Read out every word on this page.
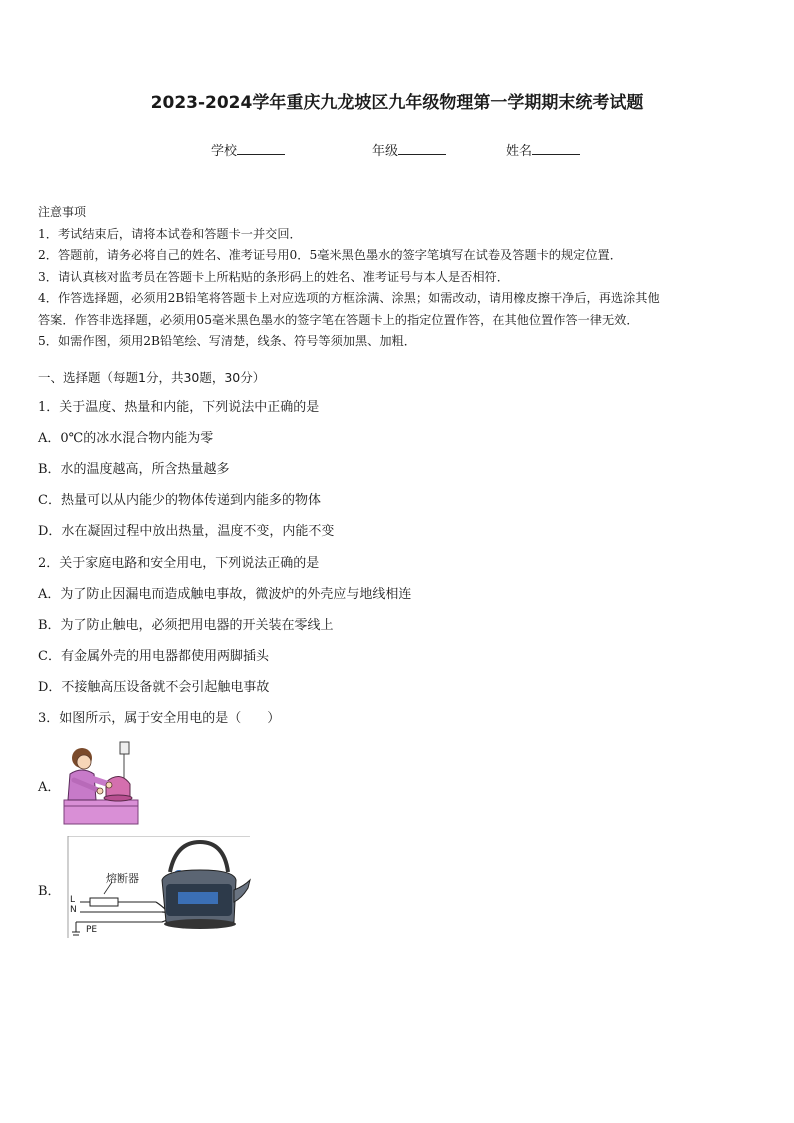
2023-2024学年重庆九龙坡区九年级物理第一学期期末统考试题
学校	年级	姓名

注意事项

1．考试结束后，请将本试卷和答题卡一并交回．

2．答题前，请务必将自己的姓名、准考证号用0．5毫米黑色墨水的签字笔填写在试卷及答题卡的规定位置．

3．请认真核对监考员在答题卡上所粘贴的条形码上的姓名、准考证号与本人是否相符．

4．作答选择题，必须用2B铅笔将答题卡上对应选项的方框涂满、涂黑；如需改动，请用橡皮擦干净后，再选涂其他

答案．作答非选择题，必须用05毫米黑色墨水的签字笔在答题卡上的指定位置作答，在其他位置作答一律无效．

5．如需作图，须用2B铅笔绘、写清楚，线条、符号等须加黑、加粗．

一、选择题（每题1分，共30题，30分）
1．关于温度、热量和内能，下列说法中正确的是
A．0℃的冰水混合物内能为零
B．水的温度越高，所含热量越多
C．热量可以从内能少的物体传递到内能多的物体
D．水在凝固过程中放出热量，温度不变，内能不变
2．关于家庭电路和安全用电，下列说法正确的是
A．为了防止因漏电而造成触电事故，微波炉的外壳应与地线相连
B．为了防止触电，必须把用电器的开关装在零线上
C．有金属外壳的用电器都使用两脚插头
D．不接触高压设备就不会引起触电事故
3．如图所示，属于安全用电的是（　　）
A．
B．
熔断器
L
N
PE
